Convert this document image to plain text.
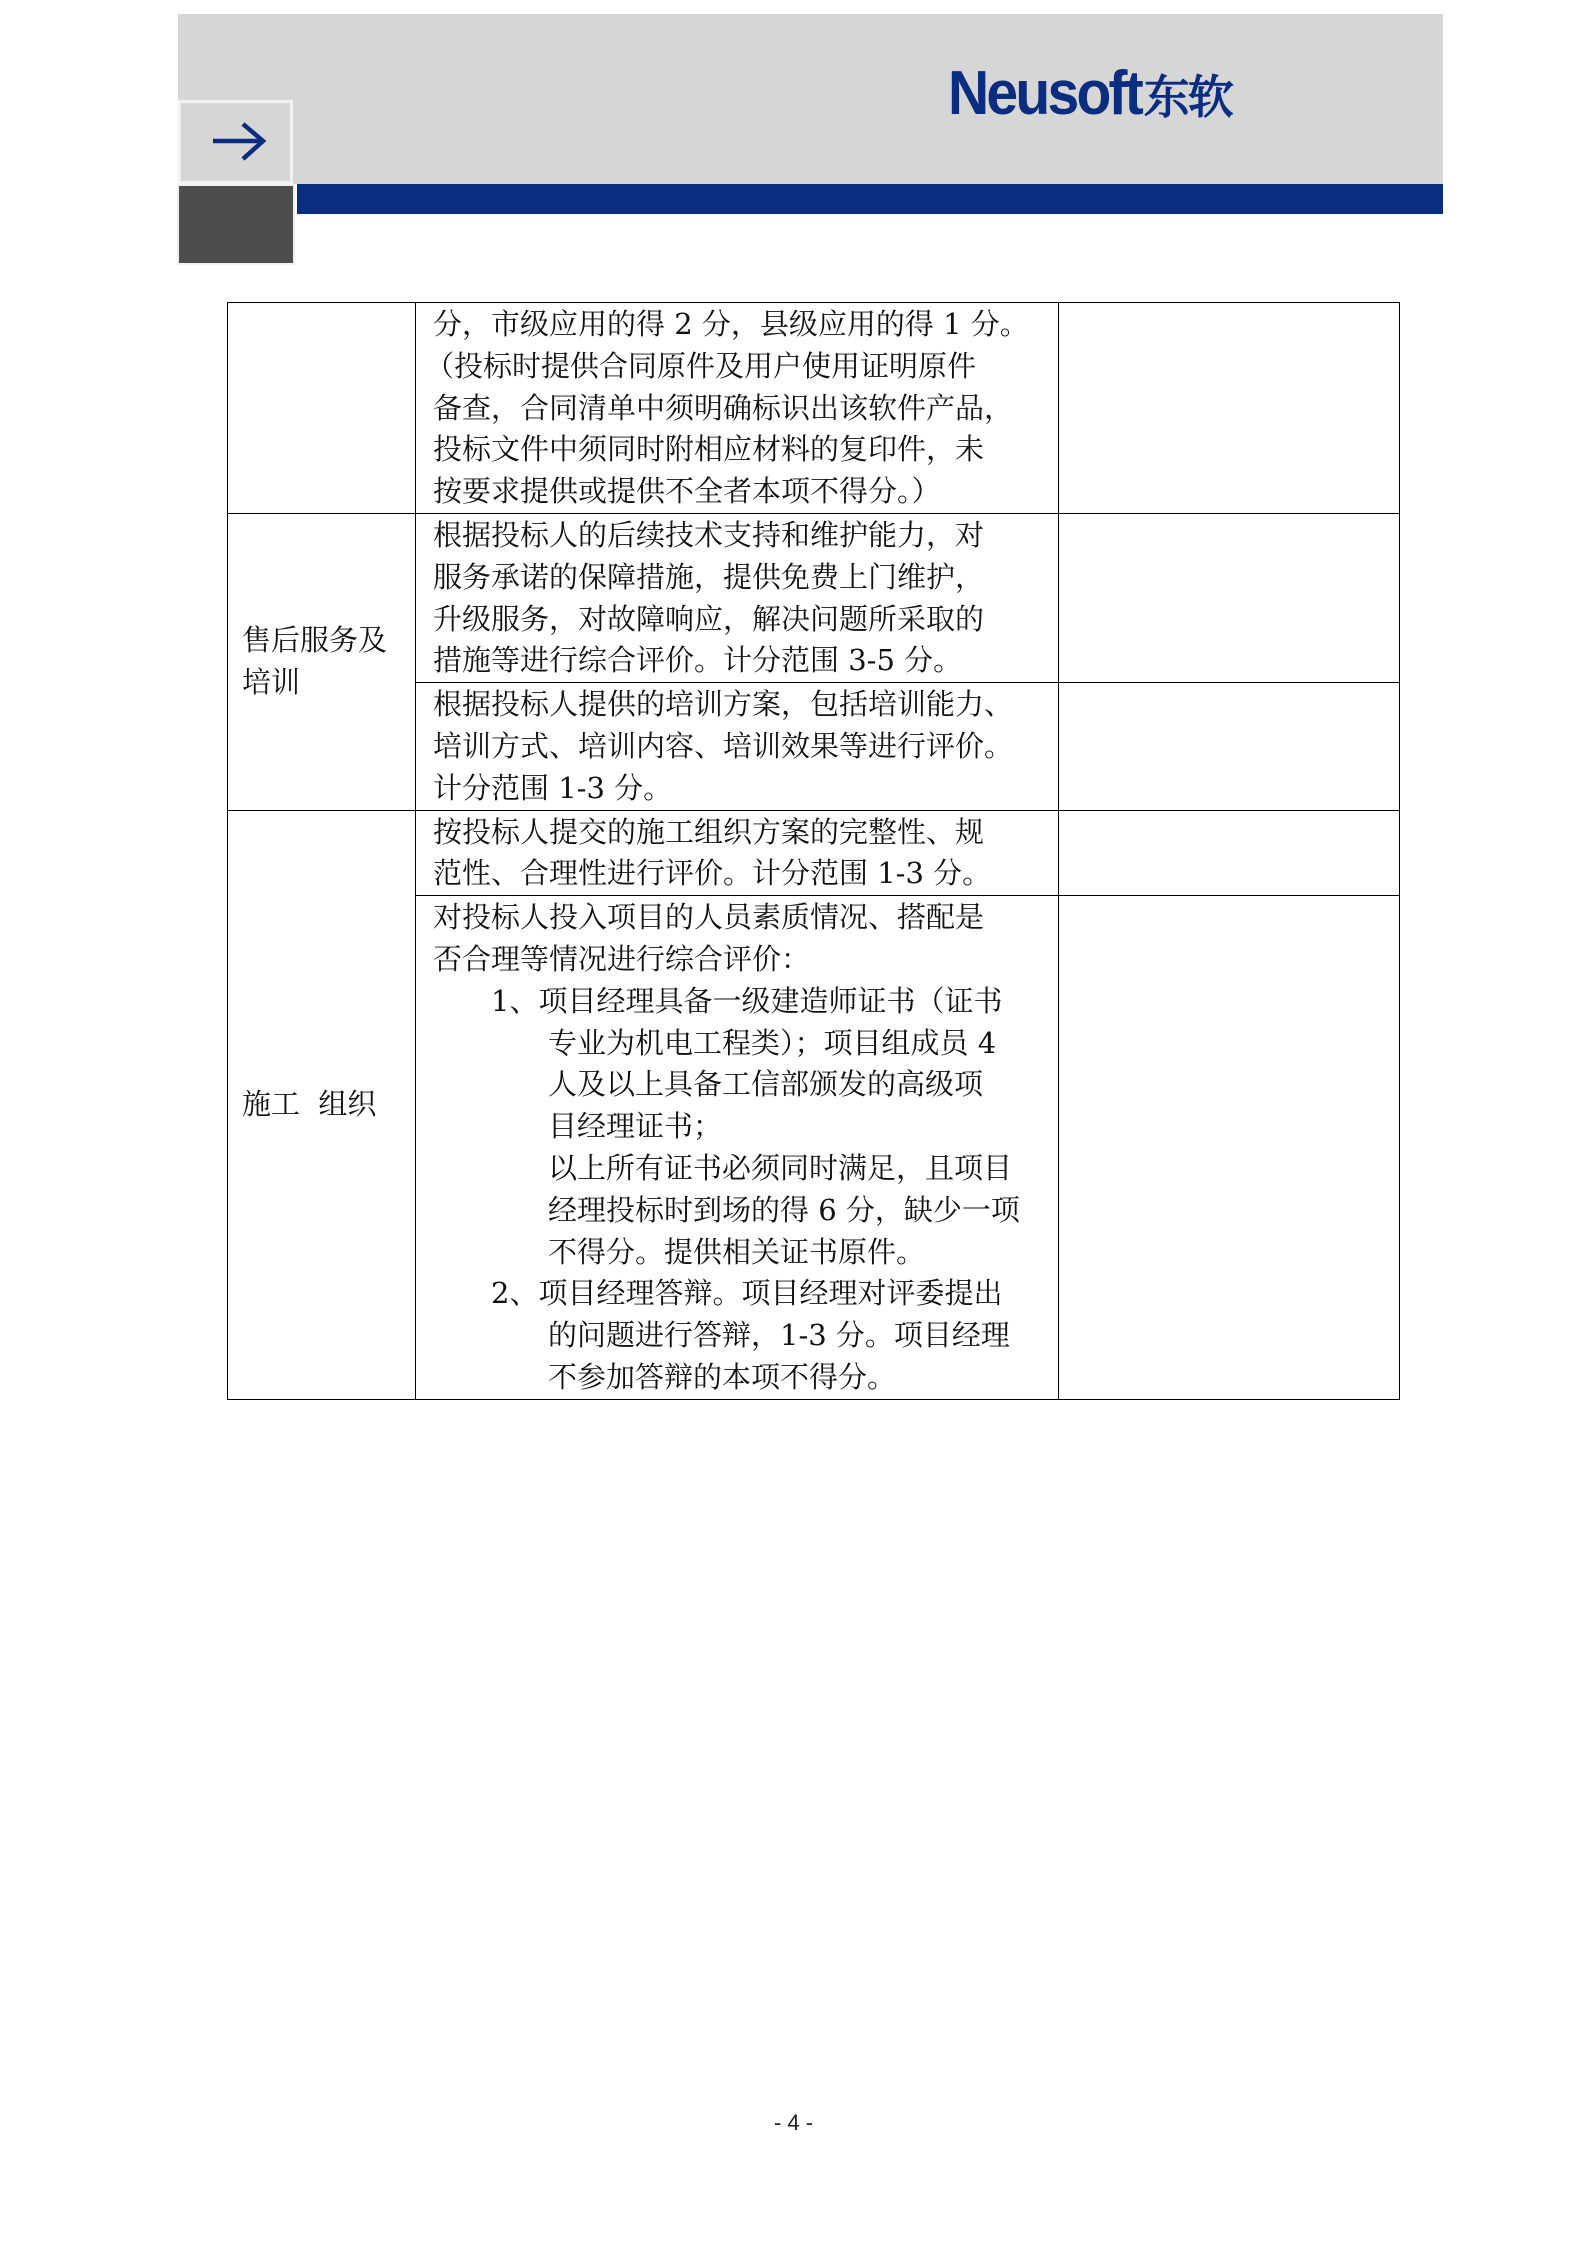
Neusoft 东软

	分，市级应用的得 2 分，县级应用的得 1 分。
（投标时提供合同原件及用户使用证明原件
备查，合同清单中须明确标识出该软件产品，
投标文件中须同时附相应材料的复印件，未
按要求提供或提供不全者本项不得分。）	

售后服务及
培训	根据投标人的后续技术支持和维护能力，对
服务承诺的保障措施，提供免费上门维护，
升级服务，对故障响应，解决问题所采取的
措施等进行综合评价。计分范围 3-5 分。	

	根据投标人提供的培训方案，包括培训能力、
培训方式、培训内容、培训效果等进行评价。
计分范围 1-3 分。	

施工  组织	按投标人提交的施工组织方案的完整性、规
范性、合理性进行评价。计分范围 1-3 分。	

对投标人投入项目的人员素质情况、搭配是
否合理等情况进行综合评价：
1、项目经理具备一级建造师证书（证书
专业为机电工程类）；项目组成员 4
人及以上具备工信部颁发的高级项
目经理证书；
以上所有证书必须同时满足，且项目
经理投标时到场的得 6 分，缺少一项
不得分。提供相关证书原件。
2、项目经理答辩。项目经理对评委提出
的问题进行答辩，1-3 分。项目经理
不参加答辩的本项不得分。

- 4 -
